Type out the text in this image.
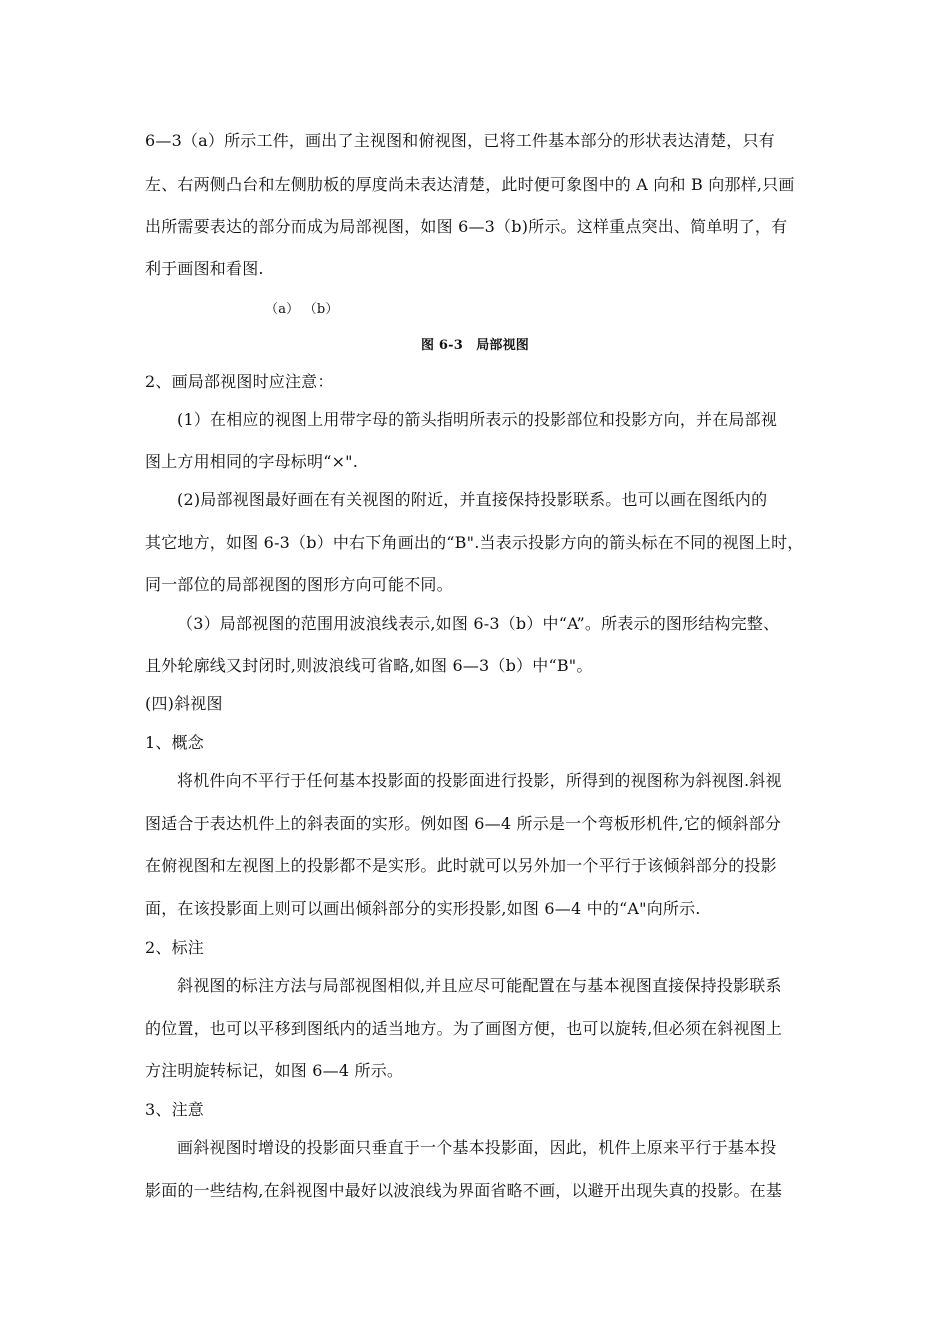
6—3（a）所示工件，画出了主视图和俯视图，已将工件基本部分的形状表达清楚，只有
左、右两侧凸台和左侧肋板的厚度尚未表达清楚，此时便可象图中的 A 向和 B 向那样,只画
出所需要表达的部分而成为局部视图，如图 6—3（b)所示。这样重点突出、简单明了，有
利于画图和看图.
（a） （b）
图 6-3　局部视图
2、画局部视图时应注意：
(1）在相应的视图上用带字母的箭头指明所表示的投影部位和投影方向，并在局部视
图上方用相同的字母标明“×".
(2)局部视图最好画在有关视图的附近，并直接保持投影联系。也可以画在图纸内的
其它地方，如图 6-3（b）中右下角画出的“B".当表示投影方向的箭头标在不同的视图上时，
同一部位的局部视图的图形方向可能不同。
（3）局部视图的范围用波浪线表示,如图 6-3（b）中“A”。所表示的图形结构完整、
且外轮廓线又封闭时,则波浪线可省略,如图 6—3（b）中“B"。
(四)斜视图
1、概念
将机件向不平行于任何基本投影面的投影面进行投影，所得到的视图称为斜视图.斜视
图适合于表达机件上的斜表面的实形。例如图 6—4 所示是一个弯板形机件,它的倾斜部分
在俯视图和左视图上的投影都不是实形。此时就可以另外加一个平行于该倾斜部分的投影
面，在该投影面上则可以画出倾斜部分的实形投影,如图 6—4 中的“A"向所示.
2、标注
斜视图的标注方法与局部视图相似,并且应尽可能配置在与基本视图直接保持投影联系
的位置，也可以平移到图纸内的适当地方。为了画图方便，也可以旋转,但必须在斜视图上
方注明旋转标记，如图 6—4 所示。
3、注意
画斜视图时增设的投影面只垂直于一个基本投影面，因此，机件上原来平行于基本投
影面的一些结构,在斜视图中最好以波浪线为界面省略不画，以避开出现失真的投影。在基
